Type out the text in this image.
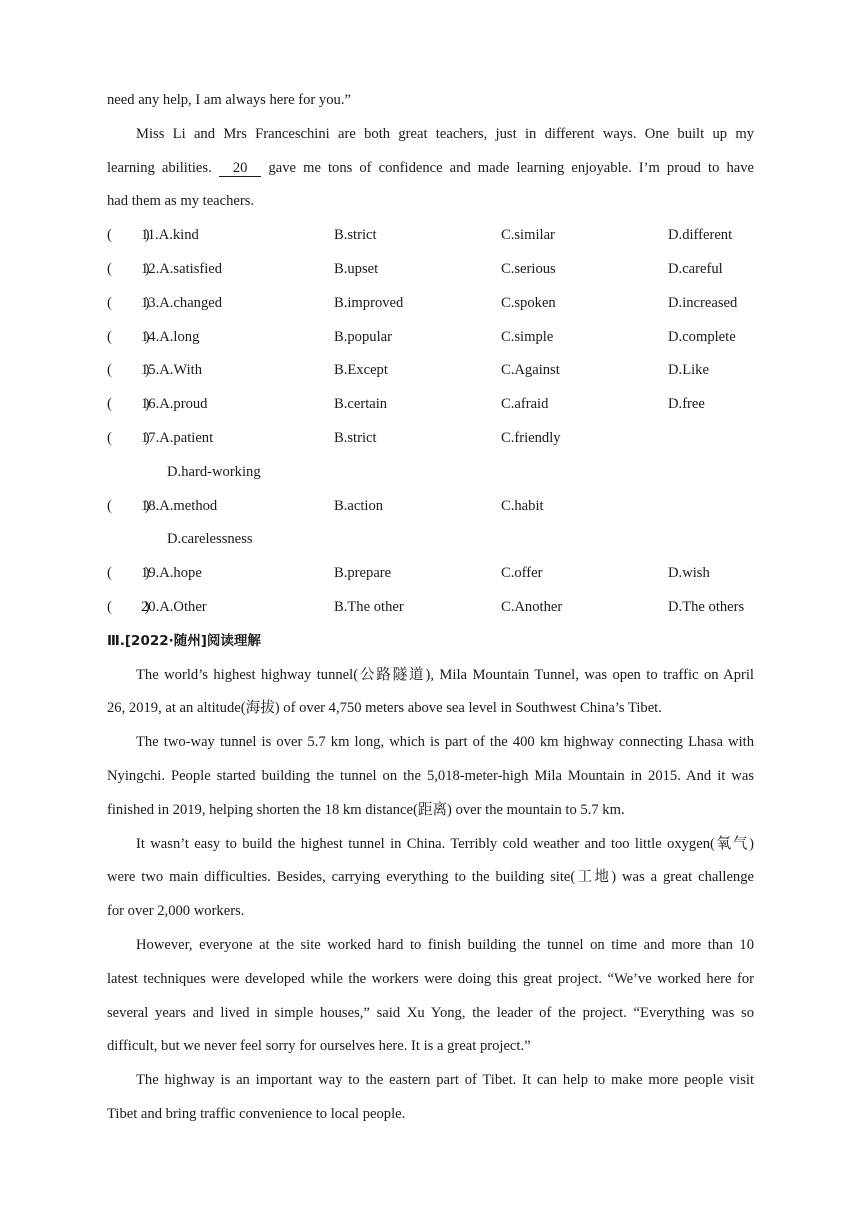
need any help, I am always here for you.”
Miss Li and Mrs Franceschini are both great teachers, just in different ways. One built up my
learning abilities. 20 gave me tons of confidence and made learning enjoyable. I’m proud to have
had them as my teachers.
(   )
11.A.kind	B.strict	C.similar	D.different
(   )
12.A.satisfied	B.upset	C.serious	D.careful
(   )
13.A.changed	B.improved	C.spoken	D.increased
(   )
14.A.long	B.popular	C.simple	D.complete
(   )
15.A.With	B.Except	C.Against	D.Like
(   )
16.A.proud	B.certain	C.afraid	D.free
(   )
17.A.patient	B.strict	C.friendly
D.hard-working
(   )
18.A.method	B.action	C.habit
D.carelessness
(   )
19.A.hope	B.prepare	C.offer	D.wish
(   )
20.A.Other	B.The other	C.Another	D.The others
Ⅲ.[2022·随州]阅读理解
The world’s highest highway tunnel(公路隧道), Mila Mountain Tunnel, was open to traffic on April
26, 2019, at an altitude(海拔) of over 4,750 meters above sea level in Southwest China’s Tibet.
The two-way tunnel is over 5.7 km long, which is part of the 400 km highway connecting Lhasa with
Nyingchi. People started building the tunnel on the 5,018-meter-high Mila Mountain in 2015. And it was
finished in 2019, helping shorten the 18 km distance(距离) over the mountain to 5.7 km.
It wasn’t easy to build the highest tunnel in China. Terribly cold weather and too little oxygen(氧气)
were two main difficulties. Besides, carrying everything to the building site(工地) was a great challenge
for over 2,000 workers.
However, everyone at the site worked hard to finish building the tunnel on time and more than 10
latest techniques were developed while the workers were doing this great project. “We’ve worked here for
several years and lived in simple houses,” said Xu Yong, the leader of the project. “Everything was so
difficult, but we never feel sorry for ourselves here. It is a great project.”
The highway is an important way to the eastern part of Tibet. It can help to make more people visit
Tibet and bring traffic convenience to local people.
